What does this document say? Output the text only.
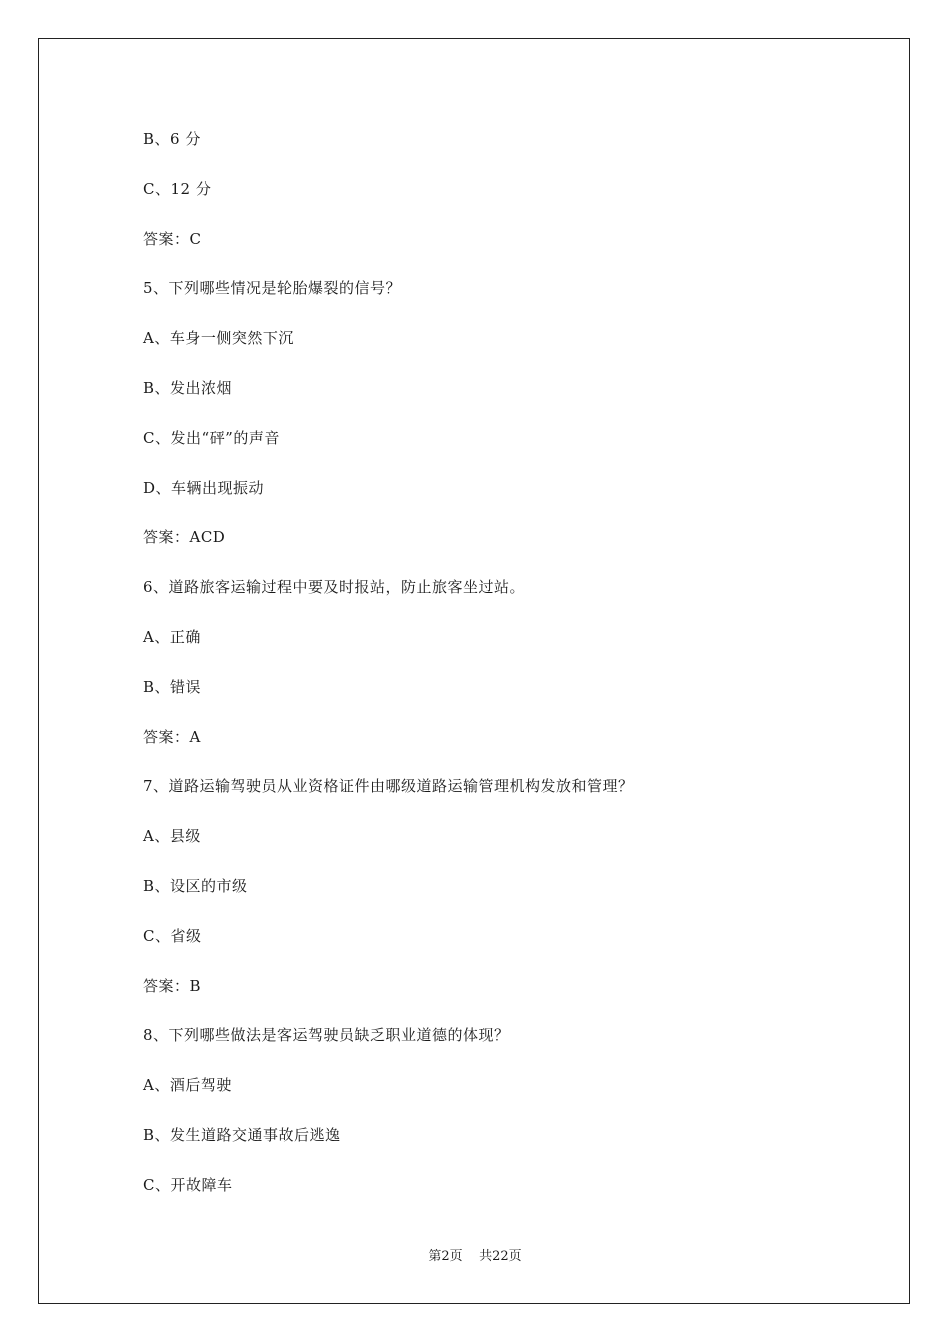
B、6 分
C、12 分
答案：C
5、下列哪些情况是轮胎爆裂的信号？
A、车身一侧突然下沉
B、发出浓烟
C、发出“砰”的声音
D、车辆出现振动
答案：ACD
6、道路旅客运输过程中要及时报站，防止旅客坐过站。
A、正确
B、错误
答案：A
7、道路运输驾驶员从业资格证件由哪级道路运输管理机构发放和管理？
A、县级
B、设区的市级
C、省级
答案：B
8、下列哪些做法是客运驾驶员缺乏职业道德的体现？
A、酒后驾驶
B、发生道路交通事故后逃逸
C、开故障车
第2页 共22页
